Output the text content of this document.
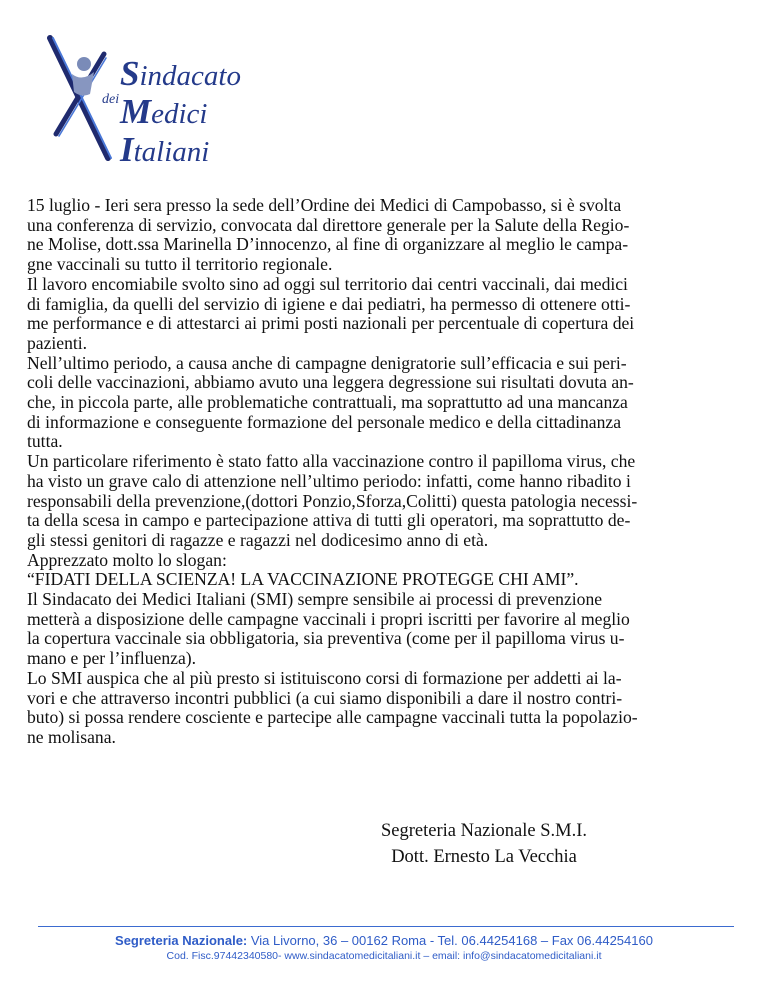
dei
Sindacato
Medici
Italiani
15 luglio - Ieri sera presso la sede dell’Ordine dei Medici di Campobasso, si è svolta
una conferenza di servizio, convocata dal direttore generale per la Salute della Regio-
ne Molise, dott.ssa Marinella D’innocenzo, al fine di organizzare al meglio le campa-
gne vaccinali su tutto il territorio regionale.
Il lavoro encomiabile svolto sino ad oggi sul territorio dai centri vaccinali, dai medici
di famiglia, da quelli del servizio di igiene e dai pediatri, ha permesso di ottenere otti-
me performance e di attestarci ai primi posti nazionali per percentuale di copertura dei
pazienti.
Nell’ultimo periodo, a causa anche di campagne denigratorie sull’efficacia e sui peri-
coli delle vaccinazioni, abbiamo avuto una leggera degressione sui risultati dovuta an-
che, in piccola parte, alle problematiche contrattuali, ma soprattutto ad una mancanza
di informazione e conseguente formazione del personale medico e della cittadinanza
tutta.
Un particolare riferimento è stato fatto alla vaccinazione contro il papilloma virus, che
ha visto un grave calo di attenzione nell’ultimo periodo: infatti, come hanno ribadito i
responsabili della prevenzione,(dottori Ponzio,Sforza,Colitti) questa patologia necessi-
ta della scesa in campo e partecipazione attiva di tutti gli operatori, ma soprattutto de-
gli stessi genitori di ragazze e ragazzi nel dodicesimo anno di età.
Apprezzato molto lo slogan:
“FIDATI DELLA SCIENZA! LA VACCINAZIONE PROTEGGE CHI AMI”.
Il Sindacato dei Medici Italiani (SMI) sempre sensibile ai processi di prevenzione
metterà a disposizione delle campagne vaccinali i propri iscritti per favorire al meglio
la copertura vaccinale sia obbligatoria, sia preventiva (come per il papilloma virus u-
mano e per l’influenza).
Lo SMI auspica che al più presto si istituiscono corsi di formazione per addetti ai la-
vori e che attraverso incontri pubblici (a cui siamo disponibili a dare il nostro contri-
buto) si possa rendere cosciente e partecipe alle campagne vaccinali tutta la popolazio-
ne molisana.
Segreteria Nazionale S.M.I.
Dott. Ernesto La Vecchia
Segreteria Nazionale: Via Livorno, 36 – 00162 Roma - Tel. 06.44254168 – Fax 06.44254160
Cod. Fisc.97442340580- www.sindacatomedicitaliani.it – email: info@sindacatomedicitaliani.it
